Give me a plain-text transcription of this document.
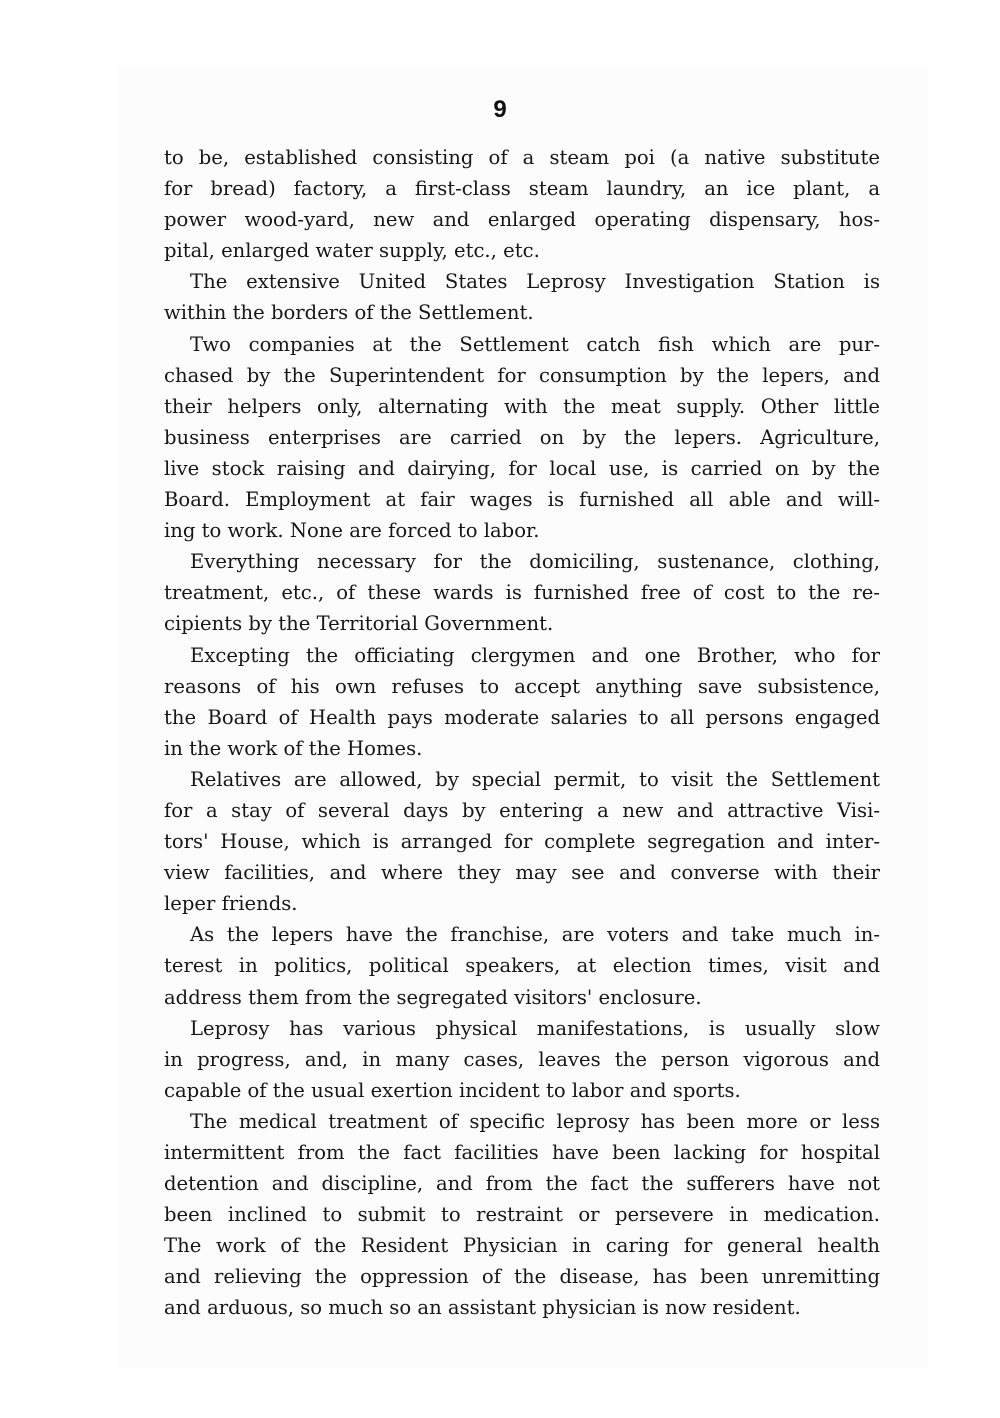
9

to be, established consisting of a steam poi (a native substitute
for bread) factory, a first-class steam laundry, an ice plant, a
power wood-yard, new and enlarged operating dispensary, hos-
pital, enlarged water supply, etc., etc.

The extensive United States Leprosy Investigation Station is
within the borders of the Settlement.

Two companies at the Settlement catch fish which are pur-
chased by the Superintendent for consumption by the lepers, and
their helpers only, alternating with the meat supply. Other little
business enterprises are carried on by the lepers. Agriculture,
live stock raising and dairying, for local use, is carried on by the
Board. Employment at fair wages is furnished all able and will-
ing to work. None are forced to labor.

Everything necessary for the domiciling, sustenance, clothing,
treatment, etc., of these wards is furnished free of cost to the re-
cipients by the Territorial Government.

Excepting the officiating clergymen and one Brother, who for
reasons of his own refuses to accept anything save subsistence,
the Board of Health pays moderate salaries to all persons engaged
in the work of the Homes.

Relatives are allowed, by special permit, to visit the Settlement
for a stay of several days by entering a new and attractive Visi-
tors' House, which is arranged for complete segregation and inter-
view facilities, and where they may see and converse with their
leper friends.

As the lepers have the franchise, are voters and take much in-
terest in politics, political speakers, at election times, visit and
address them from the segregated visitors' enclosure.

Leprosy has various physical manifestations, is usually slow
in progress, and, in many cases, leaves the person vigorous and
capable of the usual exertion incident to labor and sports.

The medical treatment of specific leprosy has been more or less
intermittent from the fact facilities have been lacking for hospital
detention and discipline, and from the fact the sufferers have not
been inclined to submit to restraint or persevere in medication.
The work of the Resident Physician in caring for general health
and relieving the oppression of the disease, has been unremitting
and arduous, so much so an assistant physician is now resident.
